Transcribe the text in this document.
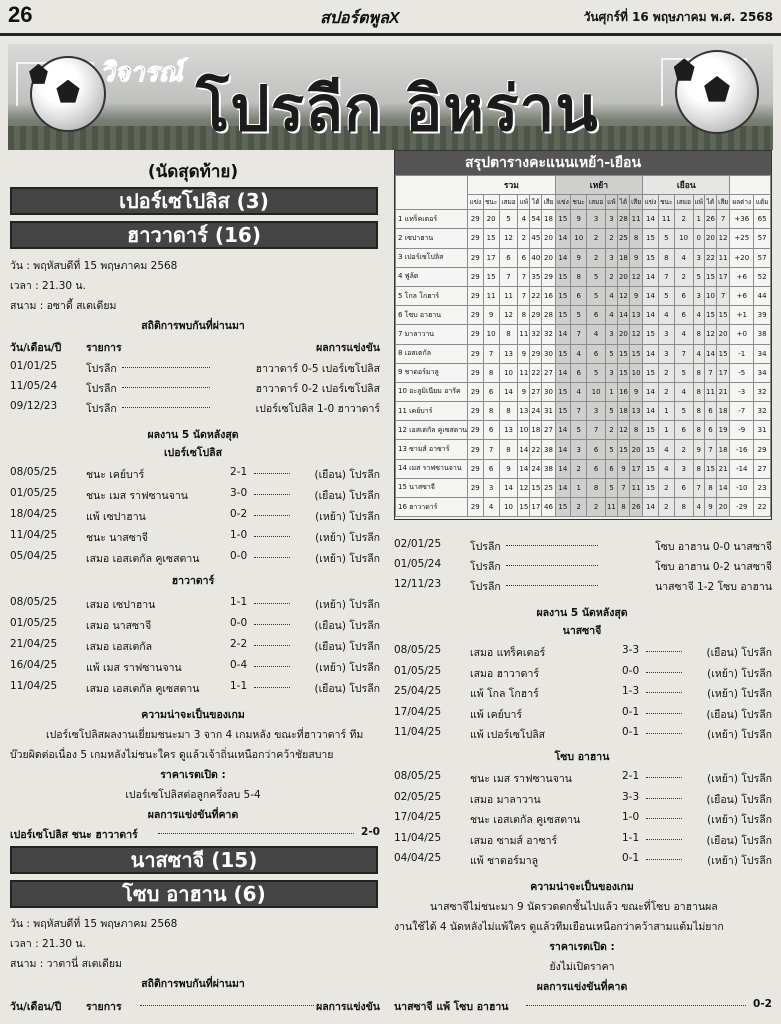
26	สปอร์ตพูลX	วันศุกร์ที่ 16 พฤษภาคม พ.ศ. 2568
วิจารณ์ โปรลีก อิหร่าน
(นัดสุดท้าย)
เปอร์เซโปลิส (3)
ฮาวาดาร์ (16)
วัน : พฤหัสบดีที่ 15 พฤษภาคม 2568
เวลา : 21.30 น.
สนาม : อซาดี้ สเตเดียม
สถิติการพบกันที่ผ่านมา
วัน/เดือน/ปี รายการ	ผลการแข่งขัน
01/01/25	โปรลีก	ฮาวาดาร์ 0-5 เปอร์เซโปลิส
11/05/24	โปรลีก	ฮาวาดาร์ 0-2 เปอร์เซโปลิส
09/12/23	โปรลีก	เปอร์เซโปลิส 1-0 ฮาวาดาร์
ผลงาน 5 นัดหลังสุด
เปอร์เซโปลิส
08/05/25	ชนะ เคย์บาร์	2-1	(เยือน) โปรลีก
01/05/25	ชนะ เมส ราฟซานจาน	3-0	(เยือน) โปรลีก
18/04/25	แพ้ เซปาฮาน	0-2	(เหย้า) โปรลีก
11/04/25	ชนะ นาสซาจี	1-0	(เหย้า) โปรลีก
05/04/25	เสมอ เอสเตกัล คูเซสตาน	0-0	(เหย้า) โปรลีก
ฮาวาดาร์
08/05/25	เสมอ เซปาฮาน	1-1	(เหย้า) โปรลีก
01/05/25	เสมอ นาสซาจี	0-0	(เยือน) โปรลีก
21/04/25	เสมอ เอสเตกัล	2-2	(เยือน) โปรลีก
16/04/25	แพ้ เมส ราฟซานจาน	0-4	(เหย้า) โปรลีก
11/04/25	เสมอ เอสเตกัล คูเซสตาน	1-1	(เยือน) โปรลีก
ความน่าจะเป็นของเกม
เปอร์เซโปลิสผลงานเยี่ยมชนะมา 3 จาก 4 เกมหลัง ขณะที่ฮาวาดาร์ ทีม
บ๊วยผิดต่อเนื่อง 5 เกมหลังไม่ชนะใคร ดูแล้วเจ้าถิ่นเหนือกว่าคว้าชัยสบาย
ราคาเรตเปิด :
เปอร์เซโปลิสต่อลูกครึ่งลบ 5-4
ผลการแข่งขันที่คาด
เปอร์เซโปลิส ชนะ ฮาวาดาร์	2-0
นาสซาจี (15)
โซบ อาฮาน (6)
วัน : พฤหัสบดีที่ 15 พฤษภาคม 2568
เวลา : 21.30 น.
สนาม : วาตานี่ สเตเดียม
สถิติการพบกันที่ผ่านมา
วัน/เดือน/ปี รายการ	ผลการแข่งขัน
สรุปตารางคะแนนเหย้า-เยือน
	รวม						เหย้า						เยือน							
	แข่ง	ชนะ	เสมอ	แพ้	ได้	เสีย	แข่ง	ชนะ	เสมอ	แพ้	ได้	เสีย	แข่ง	ชนะ	เสมอ	แพ้	ได้	เสีย	ผลต่าง	แต้ม
1 แทร็คเตอร์	29	20	5	4	54	18	15	9	3	3	28	11	14	11	2	1	26	7	+36	65
2 เซปาฮาน	29	15	12	2	45	20	14	10	2	2	25	8	15	5	10	0	20	12	+25	57
3 เปอร์เซโปลิส	29	17	6	6	40	20	14	9	2	3	18	9	15	8	4	3	22	11	+20	57
4 ฟูล้ด	29	15	7	7	35	29	15	8	5	2	20	12	14	7	2	5	15	17	+6	52
5 โกล โกฮาร์	29	11	11	7	22	16	15	6	5	4	12	9	14	5	6	3	10	7	+6	44
6 โซบ อาฮาน	29	9	12	8	29	28	15	5	6	4	14	13	14	4	6	4	15	15	+1	39
7 มาลาวาน	29	10	8	11	32	32	14	7	4	3	20	12	15	3	4	8	12	20	+0	38
8 เอสเตกัล	29	7	13	9	29	30	15	4	6	5	15	15	14	3	7	4	14	15	-1	34
9 ชาดอร์มาลู	29	8	10	11	22	27	14	6	5	3	15	10	15	2	5	8	7	17	-5	34
10 อะลูมิเนียม อารัค	29	6	14	9	27	30	15	4	10	1	16	9	14	2	4	8	11	21	-3	32
11 เคย์บาร์	29	8	8	13	24	31	15	7	3	5	18	13	14	1	5	8	6	18	-7	32
12 เอสเตกัล คูเซสตาน	29	6	13	10	18	27	14	5	7	2	12	8	15	1	6	8	6	19	-9	31
13 ซามส์ อาซาร์	29	7	8	14	22	38	14	3	6	5	15	20	15	4	2	9	7	18	-16	29
14 เมส ราฟซานจาน	29	6	9	14	24	38	14	2	6	6	9	17	15	4	3	8	15	21	-14	27
15 นาสซาจี	29	3	14	12	15	25	14	1	8	5	7	11	15	2	6	7	8	14	-10	23
16 ฮาวาดาร์	29	4	10	15	17	46	15	2	2	11	8	26	14	2	8	4	9	20	-29	22
02/01/25	โปรลีก	โซบ อาฮาน 0-0 นาสซาจี
01/05/24	โปรลีก	โซบ อาฮาน 0-2 นาสซาจี
12/11/23	โปรลีก	นาสซาจี 1-2 โซบ อาฮาน
ผลงาน 5 นัดหลังสุด
นาสซาจี
08/05/25	เสมอ แทร็คเตอร์	3-3	(เยือน) โปรลีก
01/05/25	เสมอ ฮาวาดาร์	0-0	(เหย้า) โปรลีก
25/04/25	แพ้ โกล โกฮาร์	1-3	(เหย้า) โปรลีก
17/04/25	แพ้ เคย์บาร์	0-1	(เยือน) โปรลีก
11/04/25	แพ้ เปอร์เซโปลิส	0-1	(เหย้า) โปรลีก
โซบ อาฮาน
08/05/25	ชนะ เมส ราฟซานจาน	2-1	(เหย้า) โปรลีก
02/05/25	เสมอ มาลาวาน	3-3	(เยือน) โปรลีก
17/04/25	ชนะ เอสเตกัล คูเซสตาน	1-0	(เหย้า) โปรลีก
11/04/25	เสมอ ซามส์ อาซาร์	1-1	(เยือน) โปรลีก
04/04/25	แพ้ ชาดอร์มาลู	0-1	(เหย้า) โปรลีก
ความน่าจะเป็นของเกม
นาสซาจีไม่ชนะมา 9 นัดรวดตกชั้นไปแล้ว ขณะที่โซบ อาฮานผล
งานใช้ได้ 4 นัดหลังไม่แพ้ใคร ดูแล้วทีมเยือนเหนือกว่าคว้าสามแต้มไม่ยาก
ราคาเรตเปิด :
ยังไม่เปิดราคา
ผลการแข่งขันที่คาด
นาสซาจี แพ้ โซบ อาฮาน	0-2
